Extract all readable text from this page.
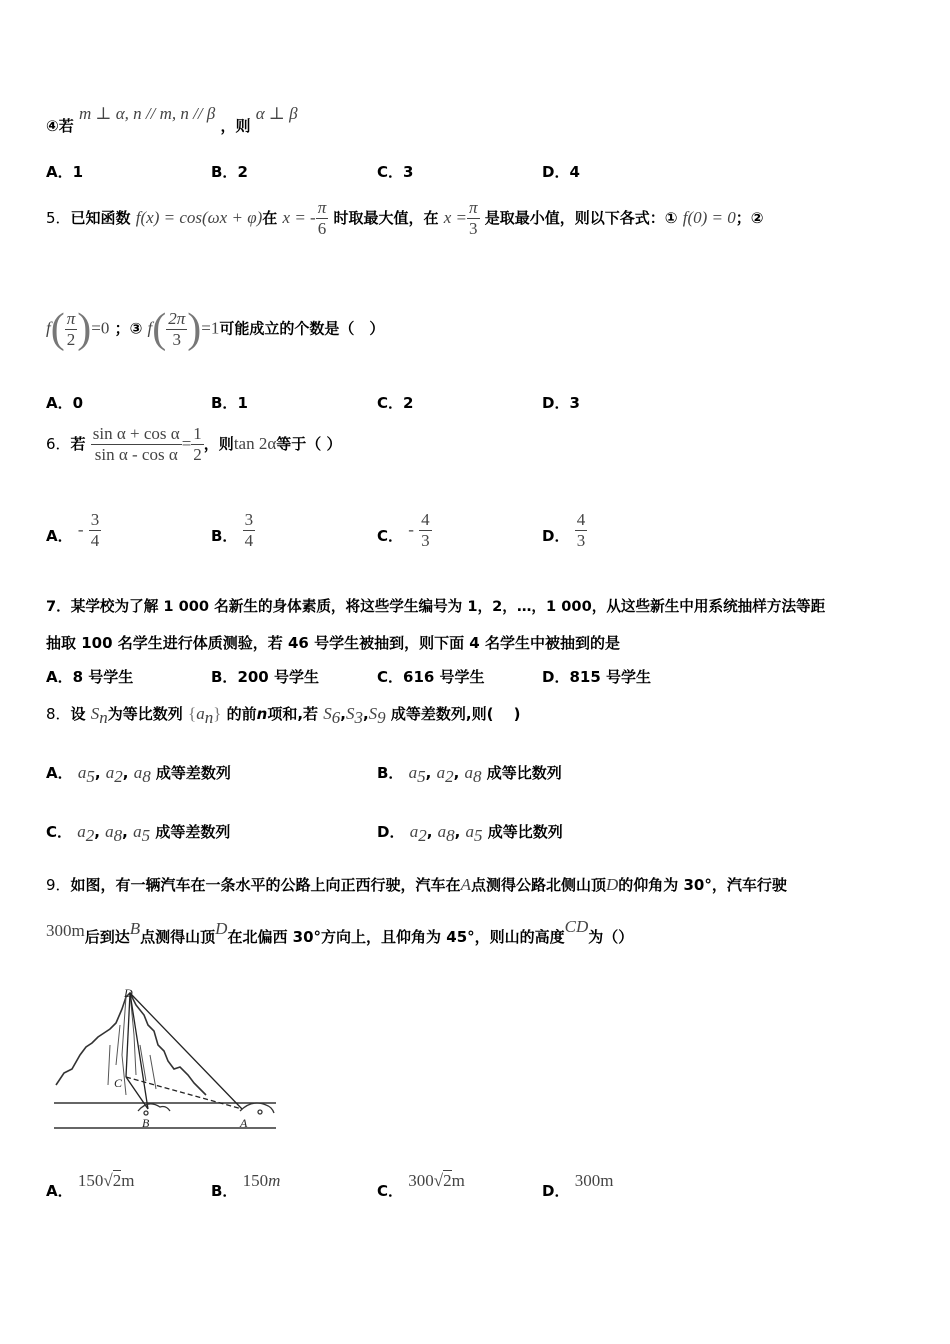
④若 m ⊥ α, n // m, n // β ，则 α ⊥ β
A．1	B．2	C．3	D．4
5．已知函数 f(x) = cos(ωx + φ)在 x = - $\frac{\pi}{6}$ 时取最大值，在 $x = \frac{\pi}{3}$ 是取最小值，则以下各式：① f(0) = 0；②
$f( \frac{\pi}{2} )=0$ ；③ $f( \frac{2\pi}{3} )=1$可能成立的个数是（　）
A．0	B．1	C．2	D．3
6．若 $\frac{\text{sin α + cos α}}{\text{sin α - cos α}} = \frac{1}{2}$ ，则tan 2α等于（ ）
A． - $\frac{3}{4}$	B． $\frac{3}{4}$	C． - $\frac{4}{3}$	D． $\frac{4}{3}$
7．某学校为了解 1 000 名新生的身体素质，将这些学生编号为 1，2，…，1 000，从这些新生中用系统抽样方法等距
抽取 100 名学生进行体质测验，若 46 号学生被抽到，则下面 4 名学生中被抽到的是
A．8 号学生	B．200 号学生	C．616 号学生	D．815 号学生
8．设 $S_n$为等比数列 $\{a_n\}$ 的前n项和,若 $S_6,S_3,S_9$ 成等差数列,则(　 )
A． $a_5$, $a_2$, $a_8$ 成等差数列	B． $a_5$, $a_2$, $a_8$ 成等比数列
C． $a_2$, $a_8$, $a_5$ 成等差数列	D． $a_2$, $a_8$, $a_5$ 成等比数列
9．如图，有一辆汽车在一条水平的公路上向正西行驶，汽车在A点测得公路北侧山顶D的仰角为 30°，汽车行驶
300m后到达B点测得山顶D在北偏西 30°方向上，且仰角为 45°，则山的高度CD为（）
D
C
B	A
A． 150√2m
B． 150m
C． 300√2m
D． 300m
